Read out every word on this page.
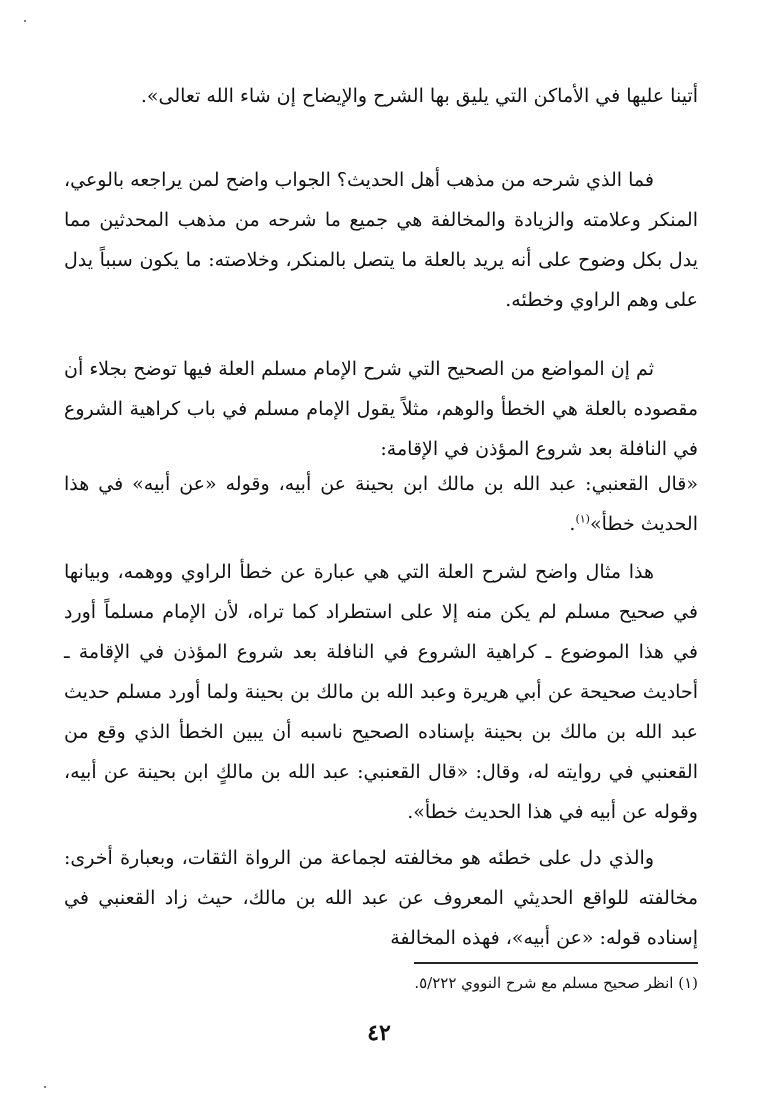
أتينا عليها في الأماكن التي يليق بها الشرح والإيضاح إن شاء الله تعالى».
فما الذي شرحه من مذهب أهل الحديث؟ الجواب واضح لمن يراجعه بالوعي، المنكر وعلامته والزيادة والمخالفة هي جميع ما شرحه من مذهب المحدثين مما يدل بكل وضوح على أنه يريد بالعلة ما يتصل بالمنكر، وخلاصته: ما يكون سبباً يدل على وهم الراوي وخطئه.
ثم إن المواضع من الصحيح التي شرح الإمام مسلم العلة فيها توضح بجلاء أن مقصوده بالعلة هي الخطأ والوهم، مثلاً يقول الإمام مسلم في باب كراهية الشروع في النافلة بعد شروع المؤذن في الإقامة:
«قال القعنبي: عبد الله بن مالك ابن بحينة عن أبيه، وقوله «عن أبيه» في هذا الحديث خطأ»$^{(١)}$.
هذا مثال واضح لشرح العلة التي هي عبارة عن خطأ الراوي ووهمه، وبيانها في صحيح مسلم لم يكن منه إلا على استطراد كما تراه، لأن الإمام مسلماً أورد في هذا الموضوع ـ كراهية الشروع في النافلة بعد شروع المؤذن في الإقامة ـ أحاديث صحيحة عن أبي هريرة وعبد الله بن مالك بن بحينة ولما أورد مسلم حديث عبد الله بن مالك بن بحينة بإسناده الصحيح ناسبه أن يبين الخطأ الذي وقع من القعنبي في روايته له، وقال: «قال القعنبي: عبد الله بن مالكٍ ابن بحينة عن أبيه، وقوله عن أبيه في هذا الحديث خطأ».
والذي دل على خطئه هو مخالفته لجماعة من الرواة الثقات، وبعبارة أخرى: مخالفته للواقع الحديثي المعروف عن عبد الله بن مالك، حيث زاد القعنبي في إسناده قوله: «عن أبيه»، فهذه المخالفة
(١) انظر صحيح مسلم مع شرح النووي ٥/٢٢٢.
٤٢
